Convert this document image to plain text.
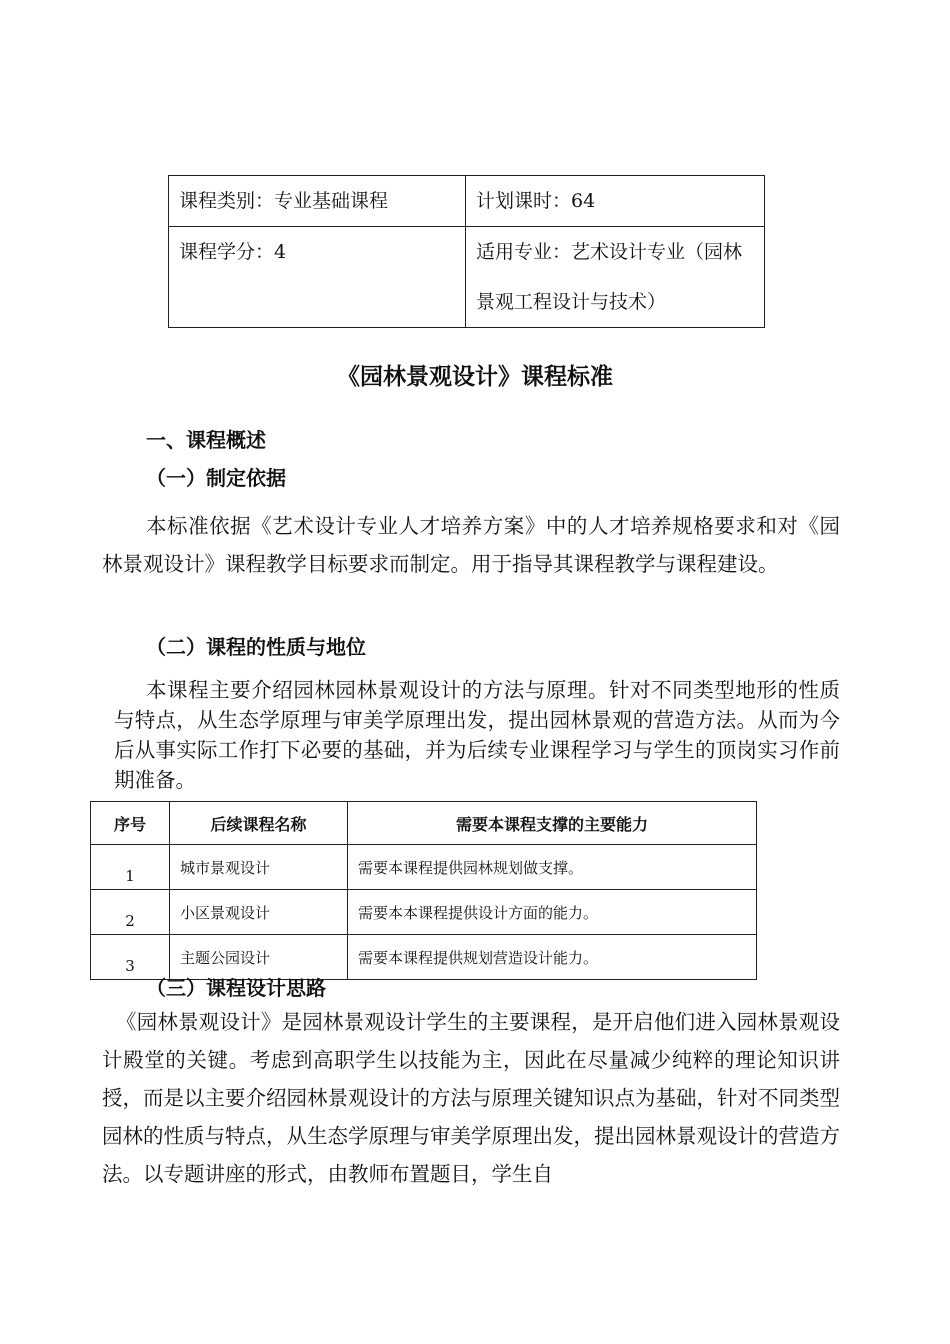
课程类别：专业基础课程	计划课时：64
课程学分：4	适用专业：艺术设计专业（园林景观工程设计与技术）
《园林景观设计》课程标准
一、课程概述
（一）制定依据

本标准依据《艺术设计专业人才培养方案》中的人才培养规格要求和对《园林景观设计》课程教学目标要求而制定。用于指导其课程教学与课程建设。

（二）课程的性质与地位

本课程主要介绍园林园林景观设计的方法与原理。针对不同类型地形的性质与特点，从生态学原理与审美学原理出发，提出园林景观的营造方法。从而为今后从事实际工作打下必要的基础，并为后续专业课程学习与学生的顶岗实习作前期准备。

序号	后续课程名称	需要本课程支撑的主要能力
1	城市景观设计	需要本课程提供园林规划做支撑。
2	小区景观设计	需要本本课程提供设计方面的能力。
3	主题公园设计	需要本课程提供规划营造设计能力。
（三）课程设计思路

《园林景观设计》是园林景观设计学生的主要课程，是开启他们进入园林景观设计殿堂的关键。考虑到高职学生以技能为主，因此在尽量减少纯粹的理论知识讲授，而是以主要介绍园林景观设计的方法与原理关键知识点为基础，针对不同类型园林的性质与特点，从生态学原理与审美学原理出发，提出园林景观设计的营造方法。以专题讲座的形式，由教师布置题目，学生自
